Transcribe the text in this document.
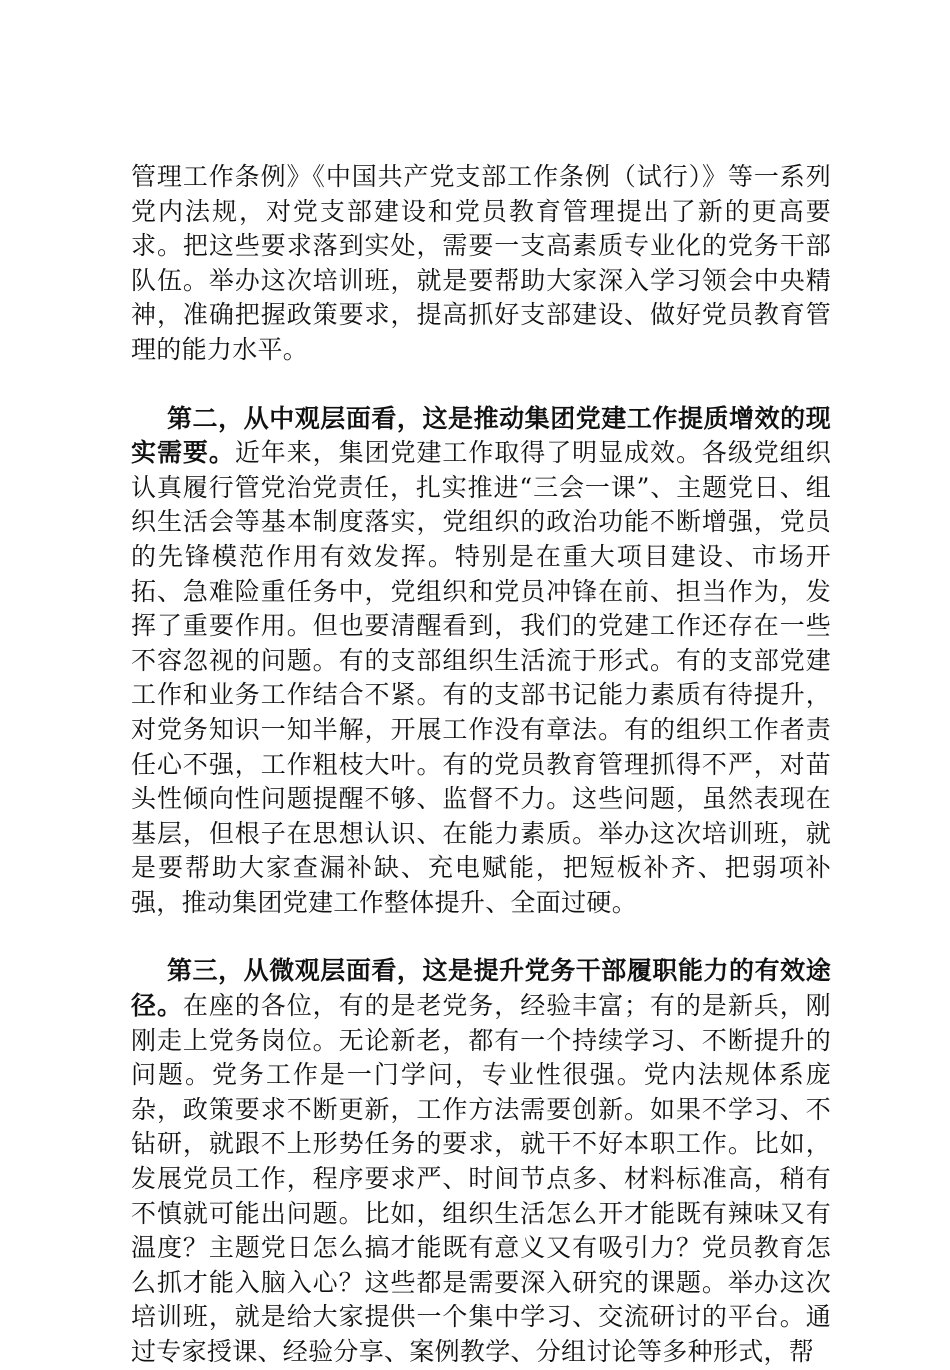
管理工作条例》《中国共产党支部工作条例（试行）》等一系列党内法规，对党支部建设和党员教育管理提出了新的更高要求。把这些要求落到实处，需要一支高素质专业化的党务干部队伍。举办这次培训班，就是要帮助大家深入学习领会中央精神，准确把握政策要求，提高抓好支部建设、做好党员教育管理的能力水平。

第二，从中观层面看，这是推动集团党建工作提质增效的现实需要。近年来，集团党建工作取得了明显成效。各级党组织认真履行管党治党责任，扎实推进“三会一课”、主题党日、组织生活会等基本制度落实，党组织的政治功能不断增强，党员的先锋模范作用有效发挥。特别是在重大项目建设、市场开拓、急难险重任务中，党组织和党员冲锋在前、担当作为，发挥了重要作用。但也要清醒看到，我们的党建工作还存在一些不容忽视的问题。有的支部组织生活流于形式。有的支部党建工作和业务工作结合不紧。有的支部书记能力素质有待提升，对党务知识一知半解，开展工作没有章法。有的组织工作者责任心不强，工作粗枝大叶。有的党员教育管理抓得不严，对苗头性倾向性问题提醒不够、监督不力。这些问题，虽然表现在基层，但根子在思想认识、在能力素质。举办这次培训班，就是要帮助大家查漏补缺、充电赋能，把短板补齐、把弱项补强，推动集团党建工作整体提升、全面过硬。

第三，从微观层面看，这是提升党务干部履职能力的有效途径。在座的各位，有的是老党务，经验丰富；有的是新兵，刚刚走上党务岗位。无论新老，都有一个持续学习、不断提升的问题。党务工作是一门学问，专业性很强。党内法规体系庞杂，政策要求不断更新，工作方法需要创新。如果不学习、不钻研，就跟不上形势任务的要求，就干不好本职工作。比如，发展党员工作，程序要求严、时间节点多、材料标准高，稍有不慎就可能出问题。比如，组织生活怎么开才能既有辣味又有温度？主题党日怎么搞才能既有意义又有吸引力？党员教育怎么抓才能入脑入心？这些都是需要深入研究的课题。举办这次培训班，就是给大家提供一个集中学习、交流研讨的平台。通过专家授课、经验分享、案例教学、分组讨论等多种形式，帮
